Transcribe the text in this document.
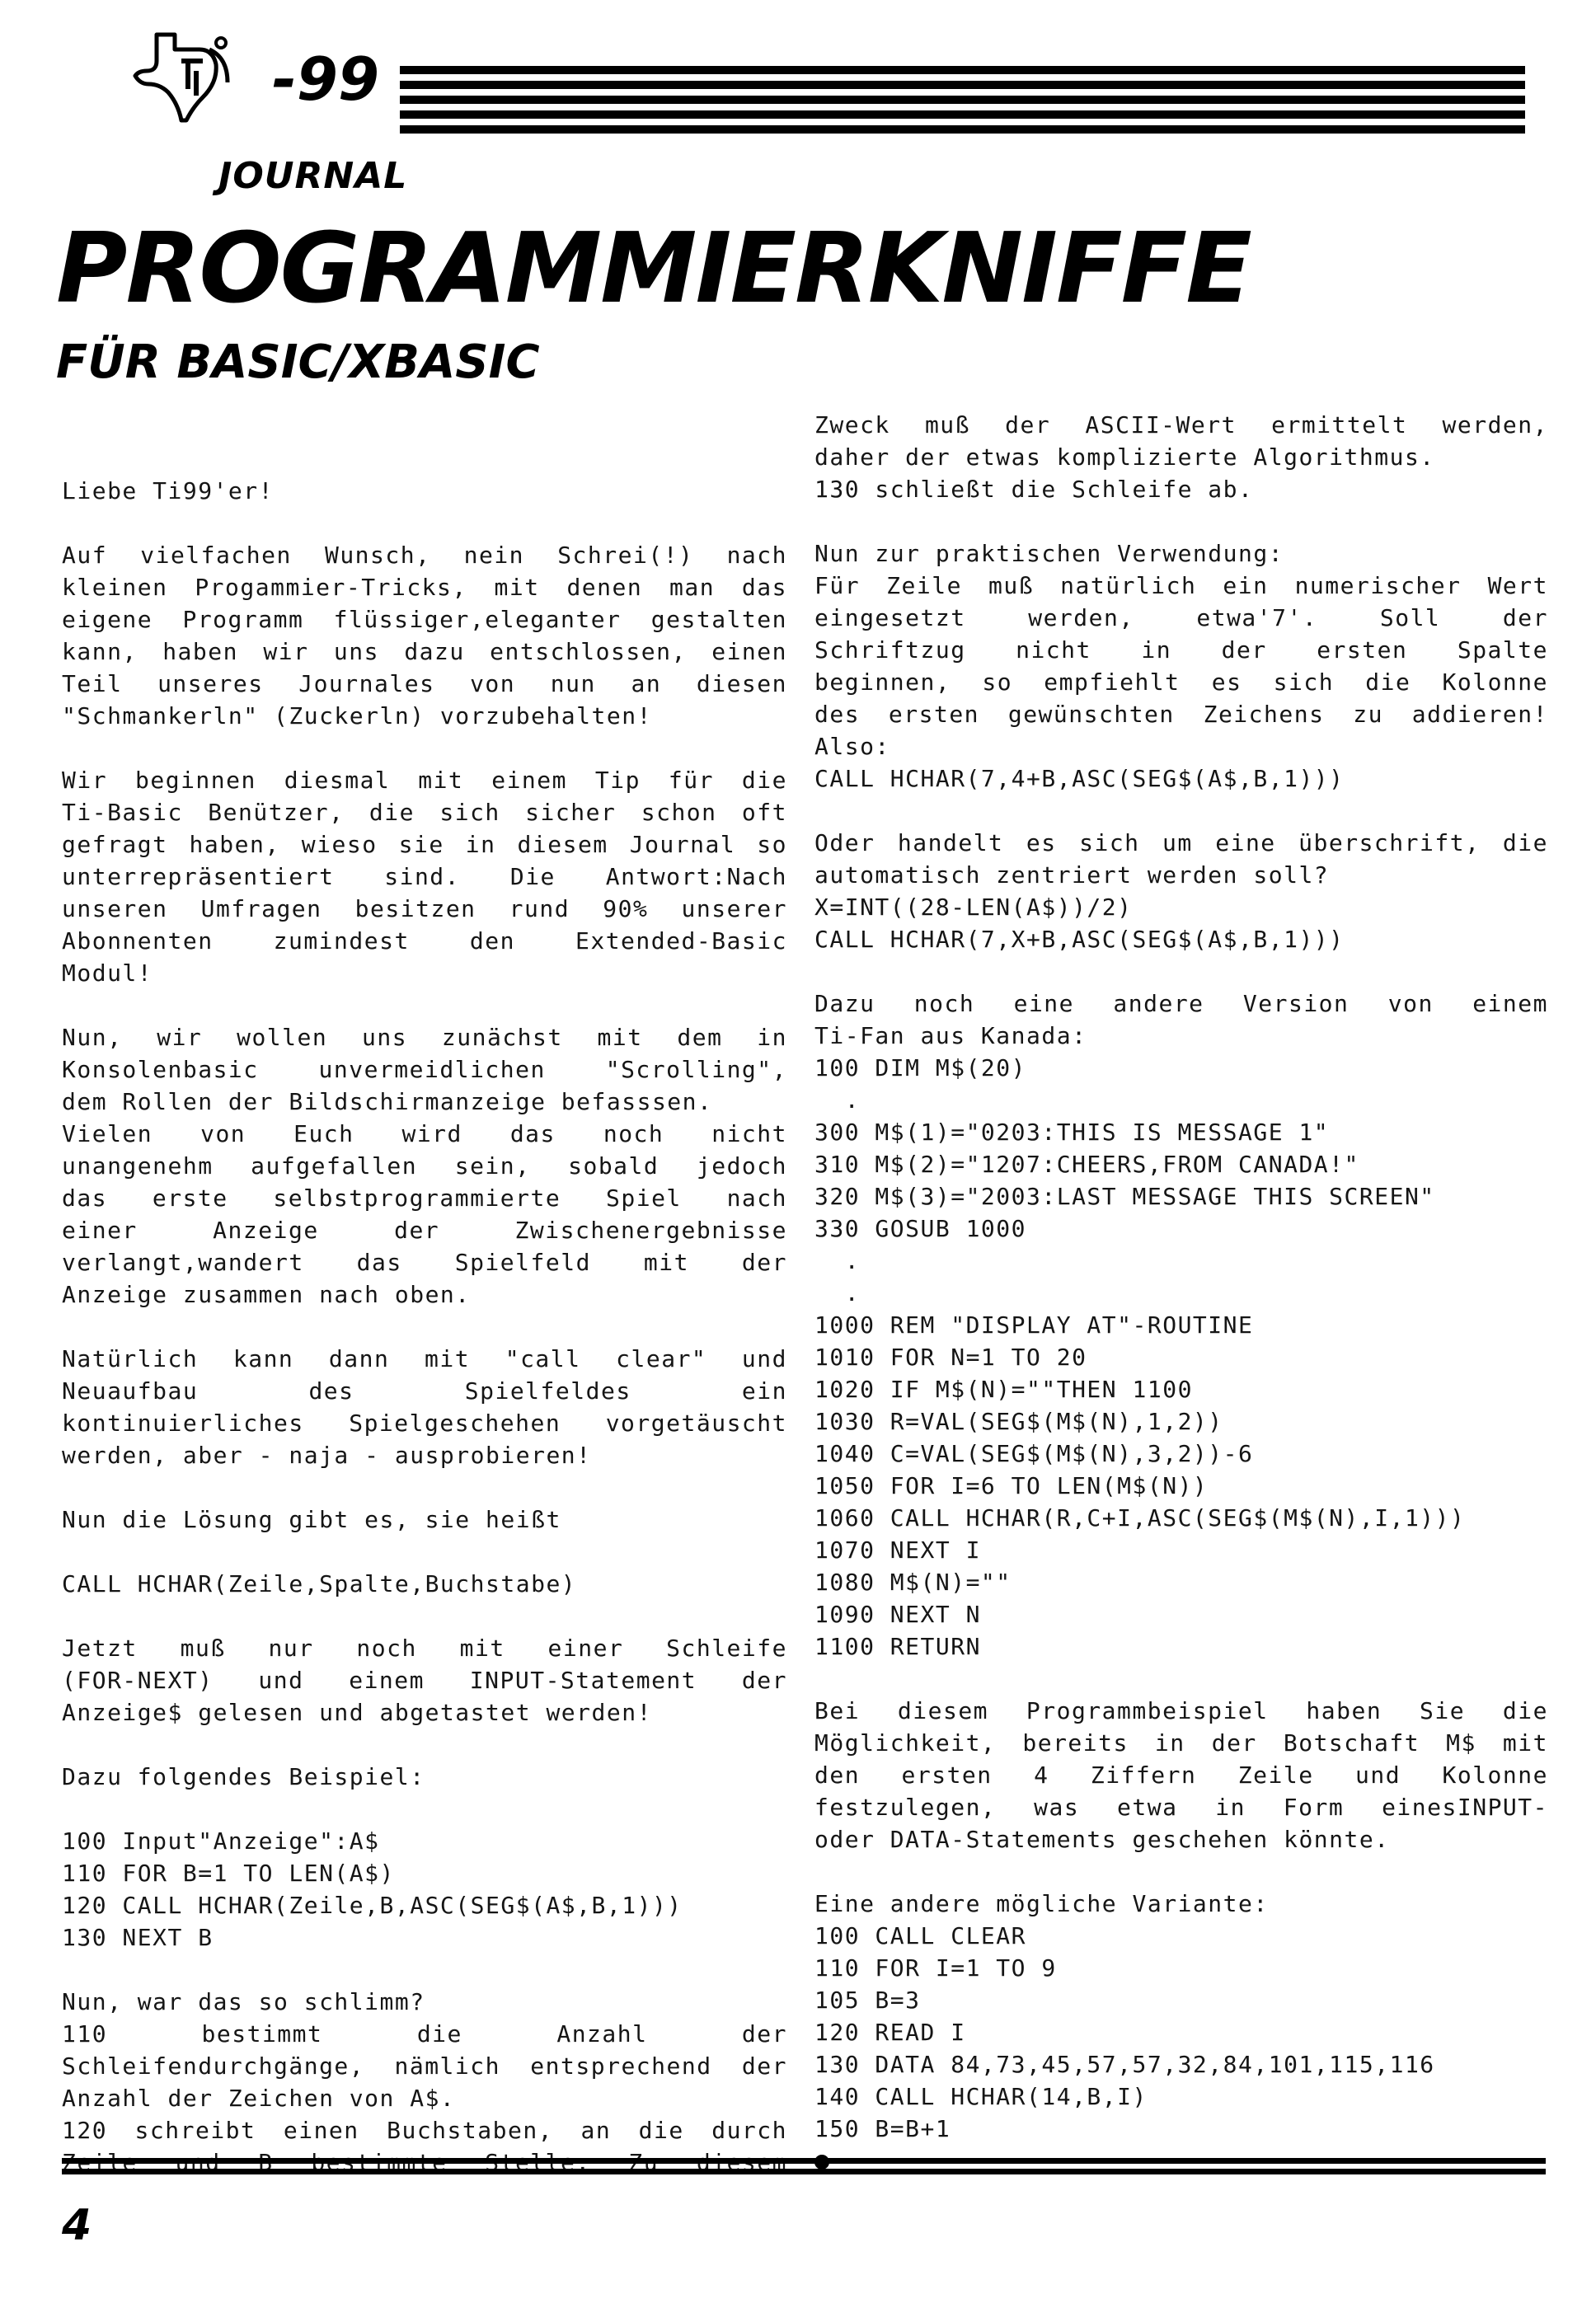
-99
JOURNAL
PROGRAMMIERKNIFFE
FÜR BASIC/XBASIC
Liebe Ti99'er!
Auf vielfachen Wunsch, nein Schrei(!) nach
kleinen Progammier-Tricks, mit denen man das
eigene Programm flüssiger,eleganter gestalten
kann, haben wir uns dazu entschlossen, einen
Teil unseres Journales von nun an diesen
"Schmankerln" (Zuckerln) vorzubehalten!
Wir beginnen diesmal mit einem Tip für die
Ti-Basic Benützer, die sich sicher schon oft
gefragt haben, wieso sie in diesem Journal so
unterrepräsentiert sind. Die Antwort:Nach
unseren Umfragen besitzen rund 90% unserer
Abonnenten zumindest den Extended-Basic
Modul!
Nun, wir wollen uns zunächst mit dem in
Konsolenbasic unvermeidlichen "Scrolling",
dem Rollen der Bildschirmanzeige befasssen.
Vielen von Euch wird das noch nicht
unangenehm aufgefallen sein, sobald jedoch
das erste selbstprogrammierte Spiel nach
einer Anzeige der Zwischenergebnisse
verlangt,wandert das Spielfeld mit der
Anzeige zusammen nach oben.
Natürlich kann dann mit "call clear" und
Neuaufbau des Spielfeldes ein
kontinuierliches Spielgeschehen vorgetäuscht
werden, aber - naja - ausprobieren!
Nun die Lösung gibt es, sie heißt
CALL HCHAR(Zeile,Spalte,Buchstabe)
Jetzt muß nur noch mit einer Schleife
(FOR-NEXT) und einem INPUT-Statement der
Anzeige$ gelesen und abgetastet werden!
Dazu folgendes Beispiel:
100 Input"Anzeige":A$
110 FOR B=1 TO LEN(A$)
120 CALL HCHAR(Zeile,B,ASC(SEG$(A$,B,1)))
130 NEXT B
Nun, war das so schlimm?
110 bestimmt die Anzahl der
Schleifendurchgänge, nämlich entsprechend der
Anzahl der Zeichen von A$.
120 schreibt einen Buchstaben, an die durch
Zweck muß der ASCII-Wert ermittelt werden,
daher der etwas komplizierte Algorithmus.
130 schließt die Schleife ab.
Nun zur praktischen Verwendung:
Für Zeile muß natürlich ein numerischer Wert
eingesetzt werden, etwa'7'. Soll der
Schriftzug nicht in der ersten Spalte
beginnen, so empfiehlt es sich die Kolonne
des ersten gewünschten Zeichens zu addieren!
Also:
CALL HCHAR(7,4+B,ASC(SEG$(A$,B,1)))
Oder handelt es sich um eine überschrift, die
automatisch zentriert werden soll?
X=INT((28-LEN(A$))/2)
CALL HCHAR(7,X+B,ASC(SEG$(A$,B,1)))
Dazu noch eine andere Version von einem
Ti-Fan aus Kanada:
100 DIM M$(20)
.
300 M$(1)="0203:THIS IS MESSAGE 1"
310 M$(2)="1207:CHEERS,FROM CANADA!"
320 M$(3)="2003:LAST MESSAGE THIS SCREEN"
330 GOSUB 1000
.
.
1000 REM "DISPLAY AT"-ROUTINE
1010 FOR N=1 TO 20
1020 IF M$(N)=""THEN 1100
1030 R=VAL(SEG$(M$(N),1,2))
1040 C=VAL(SEG$(M$(N),3,2))-6
1050 FOR I=6 TO LEN(M$(N))
1060 CALL HCHAR(R,C+I,ASC(SEG$(M$(N),I,1)))
1070 NEXT I
1080 M$(N)=""
1090 NEXT N
1100 RETURN
Bei diesem Programmbeispiel haben Sie die
Möglichkeit, bereits in der Botschaft M$ mit
den ersten 4 Ziffern Zeile und Kolonne
festzulegen, was etwa in Form einesINPUT-
oder DATA-Statements geschehen könnte.
Eine andere mögliche Variante:
100 CALL CLEAR
110 FOR I=1 TO 9
105 B=3
120 READ I
130 DATA 84,73,45,57,57,32,84,101,115,116
140 CALL HCHAR(14,B,I)
150 B=B+1
4
